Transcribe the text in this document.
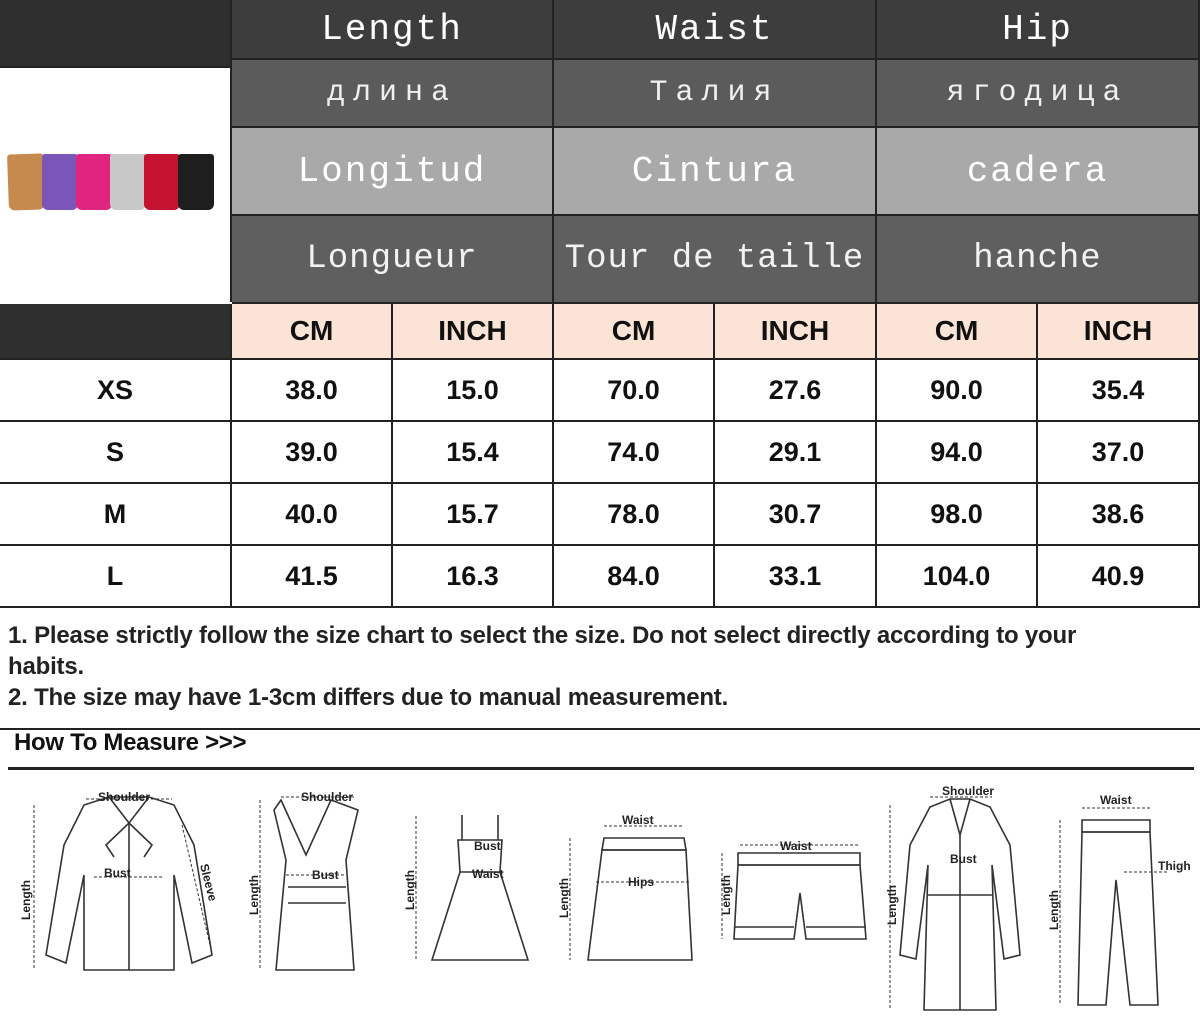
Length	Waist	Hip
длина	Талия	ягодица
Longitud	Cintura	cadera
Longueur	Tour de taille	hanche
CM	INCH	CM	INCH	CM	INCH
XS	38.0	15.0	70.0	27.6	90.0	35.4
S	39.0	15.4	74.0	29.1	94.0	37.0
M	40.0	15.7	78.0	30.7	98.0	38.6
L	41.5	16.3	84.0	33.1	104.0	40.9
1. Please strictly follow the size chart to select the size. Do not select directly according to your
habits.
2. The size may have 1-3cm differs due to manual measurement.
How To Measure >>>
Shoulder
Bust	Sleeve
Length
Shoulder
Bust
Length
Bust
Waist
Length
Waist
Hips
Length
Waist
Length
Shoulder
Bust
Length
Waist
Thigh
Length
